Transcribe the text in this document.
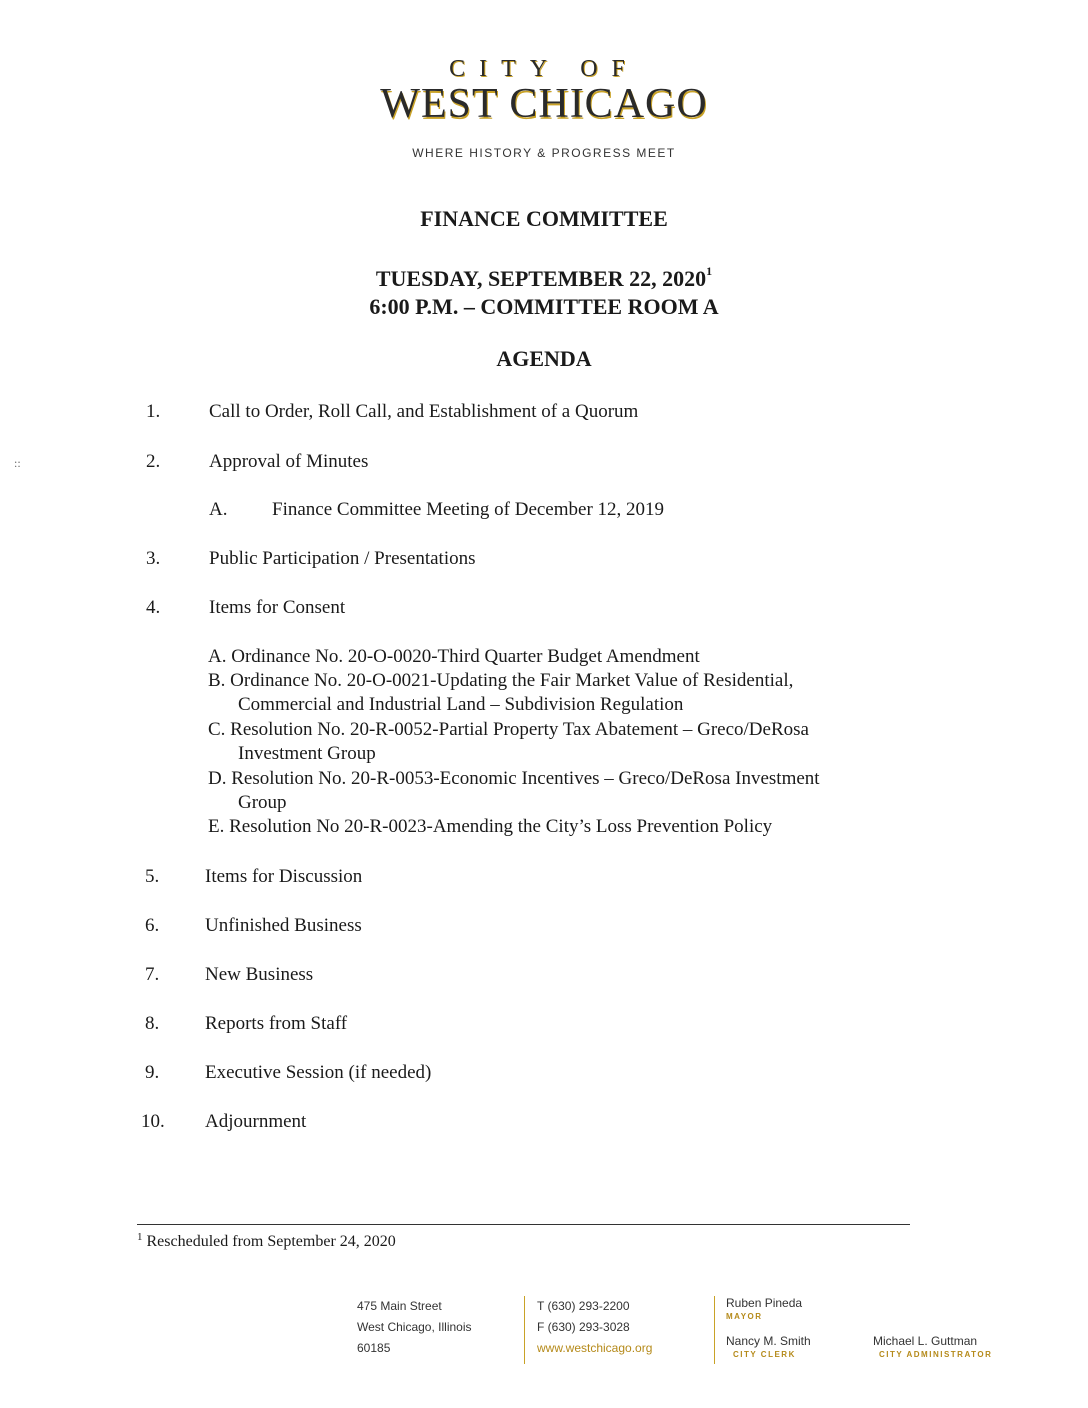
CITY OF
WEST CHICAGO
WHERE HISTORY & PROGRESS MEET
::
FINANCE COMMITTEE
TUESDAY, SEPTEMBER 22, 2020$^1$
6:00 P.M. – COMMITTEE ROOM A
AGENDA
1.	Call to Order, Roll Call, and Establishment of a Quorum
2.	Approval of Minutes
A. Finance Committee Meeting of December 12, 2019
3.	Public Participation / Presentations
4.	Items for Consent
A. Ordinance No. 20-O-0020-Third Quarter Budget Amendment
B. Ordinance No. 20-O-0021-Updating the Fair Market Value of Residential,
Commercial and Industrial Land – Subdivision Regulation
C. Resolution No. 20-R-0052-Partial Property Tax Abatement – Greco/DeRosa
Investment Group
D. Resolution No. 20-R-0053-Economic Incentives – Greco/DeRosa Investment
Group
E. Resolution No 20-R-0023-Amending the City’s Loss Prevention Policy
5. Items for Discussion
6. Unfinished Business
7. New Business
8. Reports from Staff
9. Executive Session (if needed)
10. Adjournment
$^1$ Rescheduled from September 24, 2020
475 Main Street
West Chicago, Illinois
60185
T (630) 293-2200
F (630) 293-3028
www.westchicago.org
Ruben Pineda
MAYOR
Nancy M. Smith
CITY CLERK
Michael L. Guttman
CITY ADMINISTRATOR
